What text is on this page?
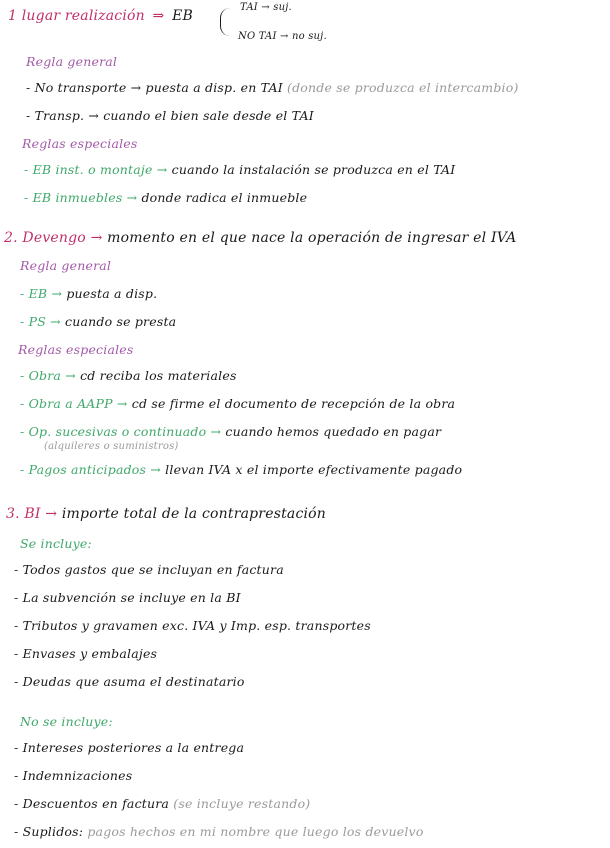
1 lugar realización ⇒ EB
TAI → suj.
NO TAI → no suj.
Regla general
- No transporte → puesta a disp. en TAI (donde se produzca el intercambio)
- Transp. → cuando el bien sale desde el TAI
Reglas especiales
- EB inst. o montaje → cuando la instalación se produzca en el TAI
- EB inmuebles → donde radica el inmueble
2. Devengo → momento en el que nace la operación de ingresar el IVA
Regla general
- EB → puesta a disp.
- PS → cuando se presta
Reglas especiales
- Obra → cd reciba los materiales
- Obra a AAPP → cd se firme el documento de recepción de la obra
- Op. sucesivas o continuado → cuando hemos quedado en pagar
(alquileres o suministros)
- Pagos anticipados → llevan IVA x el importe efectivamente pagado
3. BI → importe total de la contraprestación
Se incluye:
- Todos gastos que se incluyan en factura
- La subvención se incluye en la BI
- Tributos y gravamen exc. IVA y Imp. esp. transportes
- Envases y embalajes
- Deudas que asuma el destinatario
No se incluye:
- Intereses posteriores a la entrega
- Indemnizaciones
- Descuentos en factura (se incluye restando)
- Suplidos: pagos hechos en mi nombre que luego los devuelvo
